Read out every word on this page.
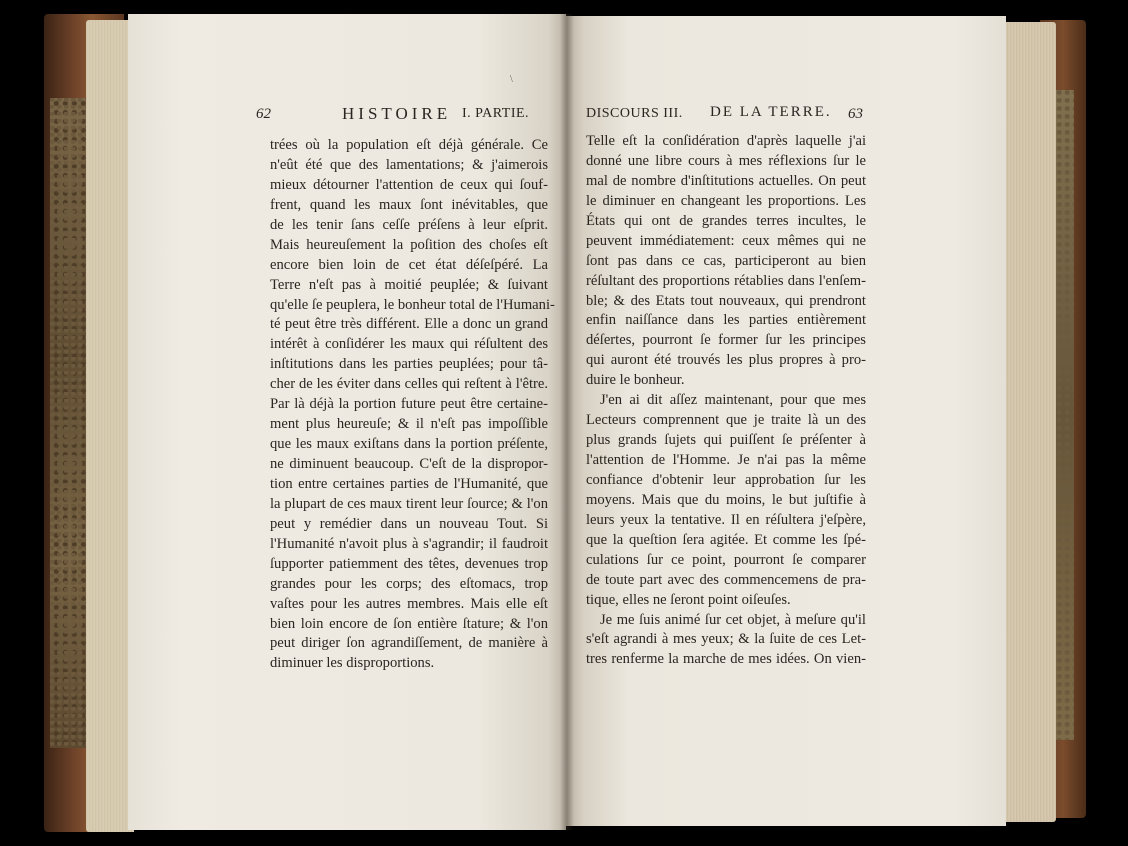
\
62	HISTOIRE I. PARTIE.	DISCOURS III. DE LA TERRE. 63
trées où la population eſt déjà générale. Ce
n'eût été que des lamentations; & j'aimerois
mieux détourner l'attention de ceux qui ſouf-
frent, quand les maux ſont inévitables, que
de les tenir ſans ceſſe préſens à leur eſprit.
Mais heureuſement la poſition des choſes eſt
encore bien loin de cet état déſeſpéré. La
Terre n'eſt pas à moitié peuplée; & ſuivant
qu'elle ſe peuplera, le bonheur total de l'Humani-
té peut être très différent. Elle a donc un grand
intérêt à conſidérer les maux qui réſultent des
inſtitutions dans les parties peuplées; pour tâ-
cher de les éviter dans celles qui reſtent à l'être.
Par là déjà la portion future peut être certaine-
ment plus heureuſe; & il n'eſt pas impoſſible
que les maux exiſtans dans la portion préſente,
ne diminuent beaucoup. C'eſt de la dispropor-
tion entre certaines parties de l'Humanité, que
la plupart de ces maux tirent leur ſource; & l'on
peut y remédier dans un nouveau Tout. Si
l'Humanité n'avoit plus à s'agrandir; il faudroit
ſupporter patiemment des têtes, devenues trop
grandes pour les corps; des eſtomacs, trop
vaſtes pour les autres membres. Mais elle eſt
bien loin encore de ſon entière ſtature; & l'on
peut diriger ſon agrandiſſement, de manière à
diminuer les disproportions.
Telle eſt la conſidération d'après laquelle j'ai
donné une libre cours à mes réflexions ſur le
mal de nombre d'inſtitutions actuelles. On peut
le diminuer en changeant les proportions. Les
États qui ont de grandes terres incultes, le
peuvent immédiatement: ceux mêmes qui ne
ſont pas dans ce cas, participeront au bien
réſultant des proportions rétablies dans l'enſem-
ble; & des Etats tout nouveaux, qui prendront
enfin naiſſance dans les parties entièrement
déſertes, pourront ſe former ſur les principes
qui auront été trouvés les plus propres à pro-
duire le bonheur.
J'en ai dit aſſez maintenant, pour que mes
Lecteurs comprennent que je traite là un des
plus grands ſujets qui puiſſent ſe préſenter à
l'attention de l'Homme. Je n'ai pas la même
confiance d'obtenir leur approbation ſur les
moyens. Mais que du moins, le but juſtifie à
leurs yeux la tentative. Il en réſultera j'eſpère,
que la queſtion ſera agitée. Et comme les ſpé-
culations ſur ce point, pourront ſe comparer
de toute part avec des commencemens de pra-
tique, elles ne ſeront point oiſeuſes.
Je me ſuis animé ſur cet objet, à meſure qu'il
s'eſt agrandi à mes yeux; & la ſuite de ces Let-
tres renferme la marche de mes idées. On vien-
